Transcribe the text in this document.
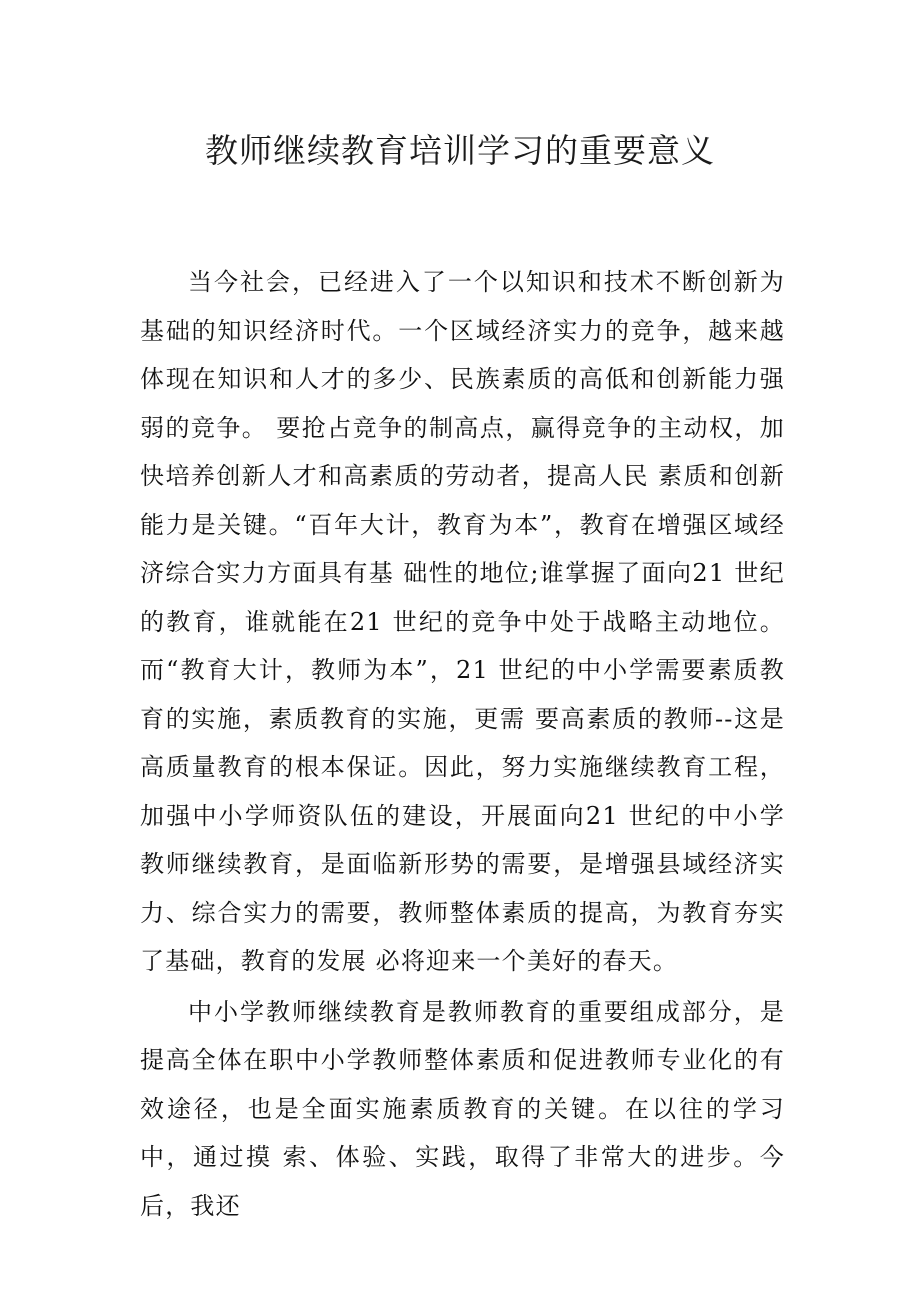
教师继续教育培训学习的重要意义

当今社会，已经进入了一个以知识和技术不断创新为基础的知识经济时代。一个区域经济实力的竞争，越来越体现在知识和人才的多少、民族素质的高低和创新能力强弱的竞争。 要抢占竞争的制高点，赢得竞争的主动权，加快培养创新人才和高素质的劳动者，提高人民 素质和创新能力是关键。“百年大计，教育为本”，教育在增强区域经济综合实力方面具有基 础性的地位;谁掌握了面向21 世纪的教育，谁就能在21 世纪的竞争中处于战略主动地位。而“教育大计，教师为本”，21 世纪的中小学需要素质教育的实施，素质教育的实施，更需 要高素质的教师--这是高质量教育的根本保证。因此，努力实施继续教育工程，加强中小学师资队伍的建设，开展面向21 世纪的中小学教师继续教育，是面临新形势的需要，是增强县域经济实力、综合实力的需要，教师整体素质的提高，为教育夯实了基础，教育的发展 必将迎来一个美好的春天。

中小学教师继续教育是教师教育的重要组成部分，是提高全体在职中小学教师整体素质和促进教师专业化的有效途径，也是全面实施素质教育的关键。在以往的学习中，通过摸 索、体验、实践，取得了非常大的进步。今后，我还
